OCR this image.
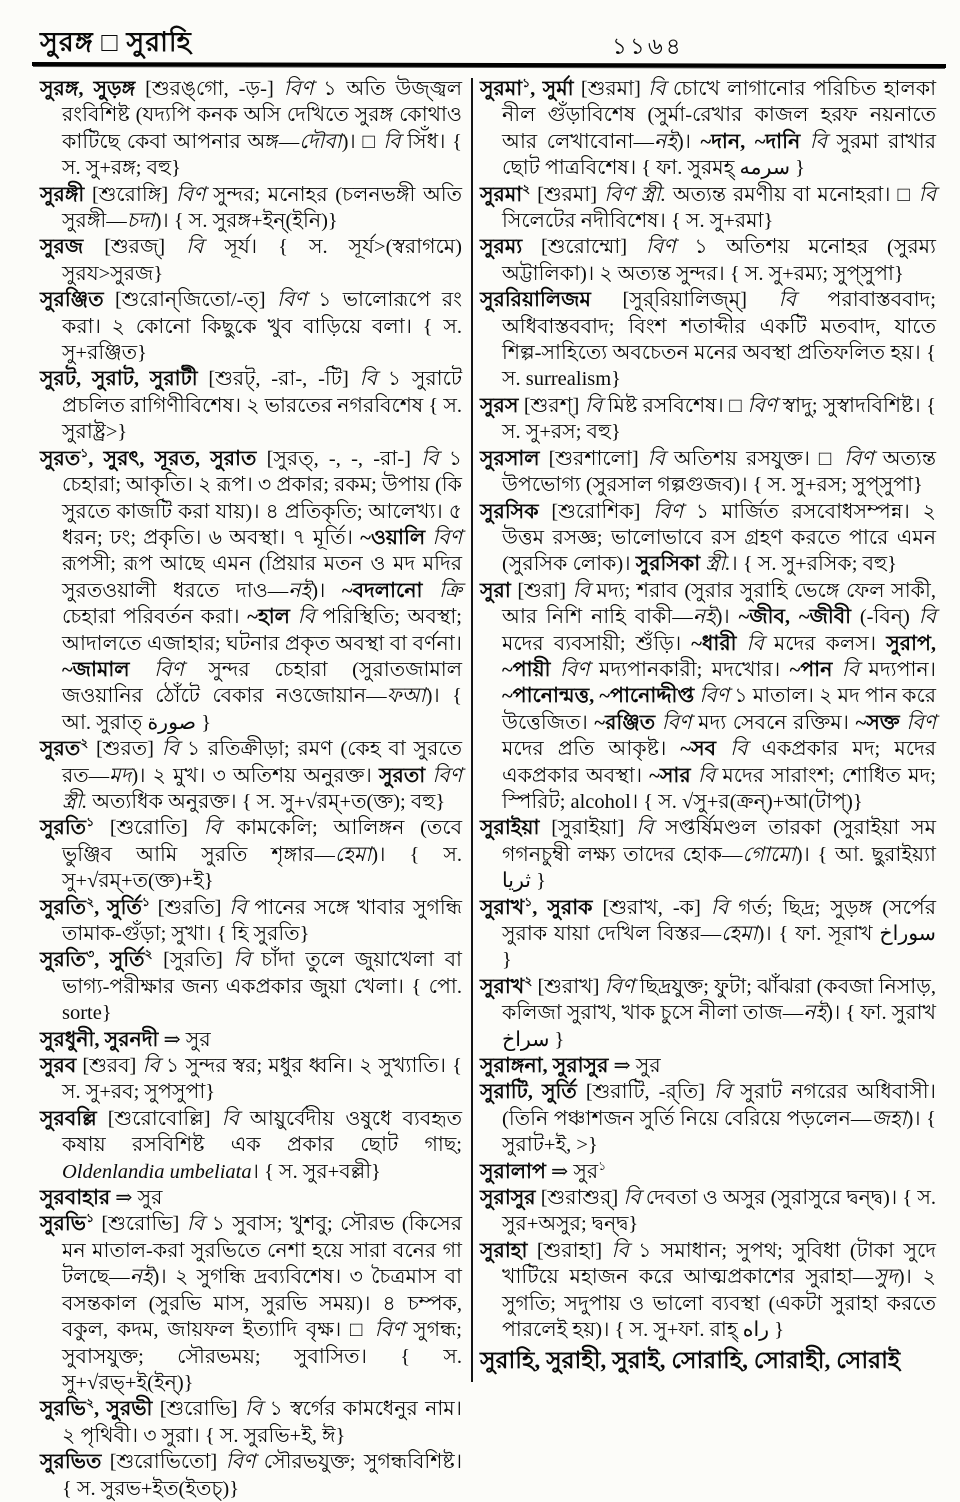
সুরঙ্গ □ সুরাহি	১১৬৪

সুরঙ্গ, সুড়ঙ্গ [শুরঙ্‌গো, -ড়-] বিণ ১ অতি উজ্জ্বল রংবিশিষ্ট (যদ্যপি কনক অসি দেখিতে সুরঙ্গ কোথাও কাটিছে কেবা আপনার অঙ্গ—দৌবা)। □ বি সিঁধ। { স. সু+রঙ্গ; বহু}

সুরঙ্গী [শুরোঙ্গি] বিণ সুন্দর; মনোহর (চলনভঙ্গী অতি সুরঙ্গী—চদা)। { স. সুরঙ্গ+ইন্(ইনি)}

সুরজ [শুরজ্] বি সূর্য। { স. সূর্য>(স্বরাগমে) সুরয>সুরজ}

সুরঞ্জিত [শুরোন্‌জিতো/-ত্] বিণ ১ ভালোরূপে রং করা। ২ কোনো কিছুকে খুব বাড়িয়ে বলা। { স. সু+রঞ্জিত}

সুরট, সুরাট, সুরাটী [শুরট্, -রা-, -টি] বি ১ সুরাটে প্রচলিত রাগিণীবিশেষ। ২ ভারতের নগরবিশেষ { স. সুরাষ্ট্র>}

সুরত$^১$, সুরৎ, সূরত, সুরাত [সুরত্, -, -, -রা-] বি ১ চেহারা; আকৃতি। ২ রূপ। ৩ প্রকার; রকম; উপায় (কি সুরতে কাজটি করা যায়)। ৪ প্রতিকৃতি; আলেখ্য। ৫ ধরন; ঢং; প্রকৃতি। ৬ অবস্থা। ৭ মূর্তি। ~ওয়ালি বিণ রূপসী; রূপ আছে এমন (প্রিয়ার মতন ও মদ মদির সুরতওয়ালী ধরতে দাও—নই)। ~বদলানো ক্রি চেহারা পরিবর্তন করা। ~হাল বি পরিস্থিতি; অবস্থা; আদালতে এজাহার; ঘটনার প্রকৃত অবস্থা বা বর্ণনা। ~জামাল বিণ সুন্দর চেহারা (সুরাতজামাল জওয়ানির ঠোঁটে বেকার নওজোয়ান—ফআ)। { আ. সুরাত্ صورة }

সুরত$^২$ [শুরত] বি ১ রতিক্রীড়া; রমণ (কেহ বা সুরতে রত—মদ)। ২ মুখ। ৩ অতিশয় অনুরক্ত। সুরতা বিণ স্ত্রী. অত্যধিক অনুরক্ত। { স. সু+√রম্+ত(ক্ত); বহু}

সুরতি$^১$ [শুরোতি] বি কামকেলি; আলিঙ্গন (তবে ভুঞ্জিব আমি সুরতি শৃঙ্গার—হেমা)। { স. সু+√রম্+ত(ক্ত)+ই}

সুরতি$^২$, সুর্তি$^১$ [শুরতি] বি পানের সঙ্গে খাবার সুগন্ধি তামাক-গুঁড়া; সুখা। { হি সুরতি}

সুরতি$^৩$, সুর্তি$^২$ [সুরতি] বি চাঁদা তুলে জুয়াখেলা বা ভাগ্য-পরীক্ষার জন্য একপ্রকার জুয়া খেলা। { পো. sorte}

সুরধুনী, সুরনদী ⇒ সুর

সুরব [শুরব] বি ১ সুন্দর স্বর; মধুর ধ্বনি। ২ সুখ্যাতি। { স. সু+রব; সুপসুপা}

সুরবল্লি [শুরোবোল্লি] বি আয়ুর্বেদীয় ওষুধে ব্যবহৃত কষায় রসবিশিষ্ট এক প্রকার ছোট গাছ; Oldenlandia umbeliata। { স. সুর+বল্লী}

সুরবাহার ⇒ সুর

সুরভি$^১$ [শুরোভি] বি ১ সুবাস; খুশবু; সৌরভ (কিসের মন মাতাল-করা সুরভিতে নেশা হয়ে সারা বনের গা টলছে—নই)। ২ সুগন্ধি দ্রব্যবিশেষ। ৩ চৈত্রমাস বা বসন্তকাল (সুরভি মাস, সুরভি সময়)। ৪ চম্পক, বকুল, কদম, জায়ফল ইত্যাদি বৃক্ষ। □ বিণ সুগন্ধ; সুবাসযুক্ত; সৌরভময়; সুবাসিত। { স. সু+√রভ্+ই(ইন্)}

সুরভি$^২$, সুরভী [শুরোভি] বি ১ স্বর্গের কামধেনুর নাম। ২ পৃথিবী। ৩ সুরা। { স. সুরভি+ই, ঈ}

সুরভিত [শুরোভিতো] বিণ সৌরভযুক্ত; সুগন্ধবিশিষ্ট। { স. সুরভ+ইত(ইতচ্)}

সুরমা$^১$, সুর্মা [শুরমা] বি চোখে লাগানোর পরিচিত হালকা নীল গুঁড়াবিশেষ (সুর্মা-রেখার কাজল হরফ নয়নাতে আর লেখাবোনা—নই)। ~দান, ~দানি বি সুরমা রাখার ছোট পাত্রবিশেষ। { ফা. সুরমহ্ سرمه }

সুরমা$^২$ [শুরমা] বিণ স্ত্রী. অত্যন্ত রমণীয় বা মনোহরা। □ বি সিলেটের নদীবিশেষ। { স. সু+রমা}

সুরম্য [শুরোম্মো] বিণ ১ অতিশয় মনোহর (সুরম্য অট্টালিকা)। ২ অত্যন্ত সুন্দর। { স. সু+রম্য; সুপ্‌সুপা}

সুররিয়ালিজম [সুর্‌রিয়ালিজ্‌ম্] বি পরাবাস্তববাদ; অধিবাস্তববাদ; বিংশ শতাব্দীর একটি মতবাদ, যাতে শিল্প-সাহিত্যে অবচেতন মনের অবস্থা প্রতিফলিত হয়। { স. surrealism}

সুরস [শুরশ্] বি মিষ্ট রসবিশেষ। □ বিণ স্বাদু; সুস্বাদবিশিষ্ট। { স. সু+রস; বহু}

সুরসাল [শুরশালো] বি অতিশয় রসযুক্ত। □ বিণ অত্যন্ত উপভোগ্য (সুরসাল গল্পগুজব)। { স. সু+রস; সুপ্‌সুপা}

সুরসিক [শুরোশিক] বিণ ১ মার্জিত রসবোধসম্পন্ন। ২ উত্তম রসজ্ঞ; ভালোভাবে রস গ্রহণ করতে পারে এমন (সুরসিক লোক)। সুরসিকা স্ত্রী.। { স. সু+রসিক; বহু}

সুরা [শুরা] বি মদ্য; শরাব (সুরার সুরাহি ভেঙ্গে ফেল সাকী, আর নিশি নাহি বাকী—নই)। ~জীব, ~জীবী (-বিন্) বি মদের ব্যবসায়ী; শুঁড়ি। ~ধারী বি মদের কলস। সুরাপ, ~পায়ী বিণ মদ্যপানকারী; মদখোর। ~পান বি মদ্যপান। ~পানোন্মত্ত, ~পানোদ্দীপ্ত বিণ ১ মাতাল। ২ মদ পান করে উত্তেজিত। ~রঞ্জিত বিণ মদ্য সেবনে রক্তিম। ~সক্ত বিণ মদের প্রতি আকৃষ্ট। ~সব বি একপ্রকার মদ; মদের একপ্রকার অবস্থা। ~সার বি মদের সারাংশ; শোধিত মদ; স্পিরিট; alcohol। { স. √সু+র(ক্রন্)+আ(টাপ্)}

সুরাইয়া [সুরাইয়া] বি সপ্তর্ষিমণ্ডল তারকা (সুরাইয়া সম গগনচুম্বী লক্ষ্য তাদের হোক—গোমো)। { আ. ছুরাইয়্যা ثريا }

সুরাখ$^১$, সুরাক [শুরাখ, -ক] বি গর্ত; ছিদ্র; সুড়ঙ্গ (সর্পের সুরাক যায়া দেখিল বিস্তর—হেমা)। { ফা. সূরাখ سوراخ }

সুরাখ$^২$ [শুরাখ] বিণ ছিদ্রযুক্ত; ফুটা; ঝাঁঝরা (কবজা নিসাড়, কলিজা সুরাখ, খাক চুসে নীলা তাজ—নই)। { ফা. সুরাখ سراخ }

সুরাঙ্গনা, সুরাসুর ⇒ সুর

সুরাটি, সুর্তি [শুরাটি, -র্‌তি] বি সুরাট নগরের অধিবাসী। (তিনি পঞ্চাশজন সুর্তি নিয়ে বেরিয়ে পড়লেন—জহা)। { সুরাট+ই, >}

সুরালাপ ⇒ সুর$^১$

সুরাসুর [শুরাশুর্] বি দেবতা ও অসুর (সুরাসুরে দ্বন্দ্ব)। { স. সুর+অসুর; দ্বন্দ্ব}

সুরাহা [শুরাহা] বি ১ সমাধান; সুপথ; সুবিধা (টাকা সুদে খাটিয়ে মহাজন করে আত্মপ্রকাশের সুরাহা—সুদ)। ২ সুগতি; সদুপায় ও ভালো ব্যবস্থা (একটা সুরাহা করতে পারলেই হয়)। { স. সু+ফা. রাহ্ راه }

সুরাহি, সুরাহী, সুরাই, সোরাহি, সোরাহী, সোরাই
